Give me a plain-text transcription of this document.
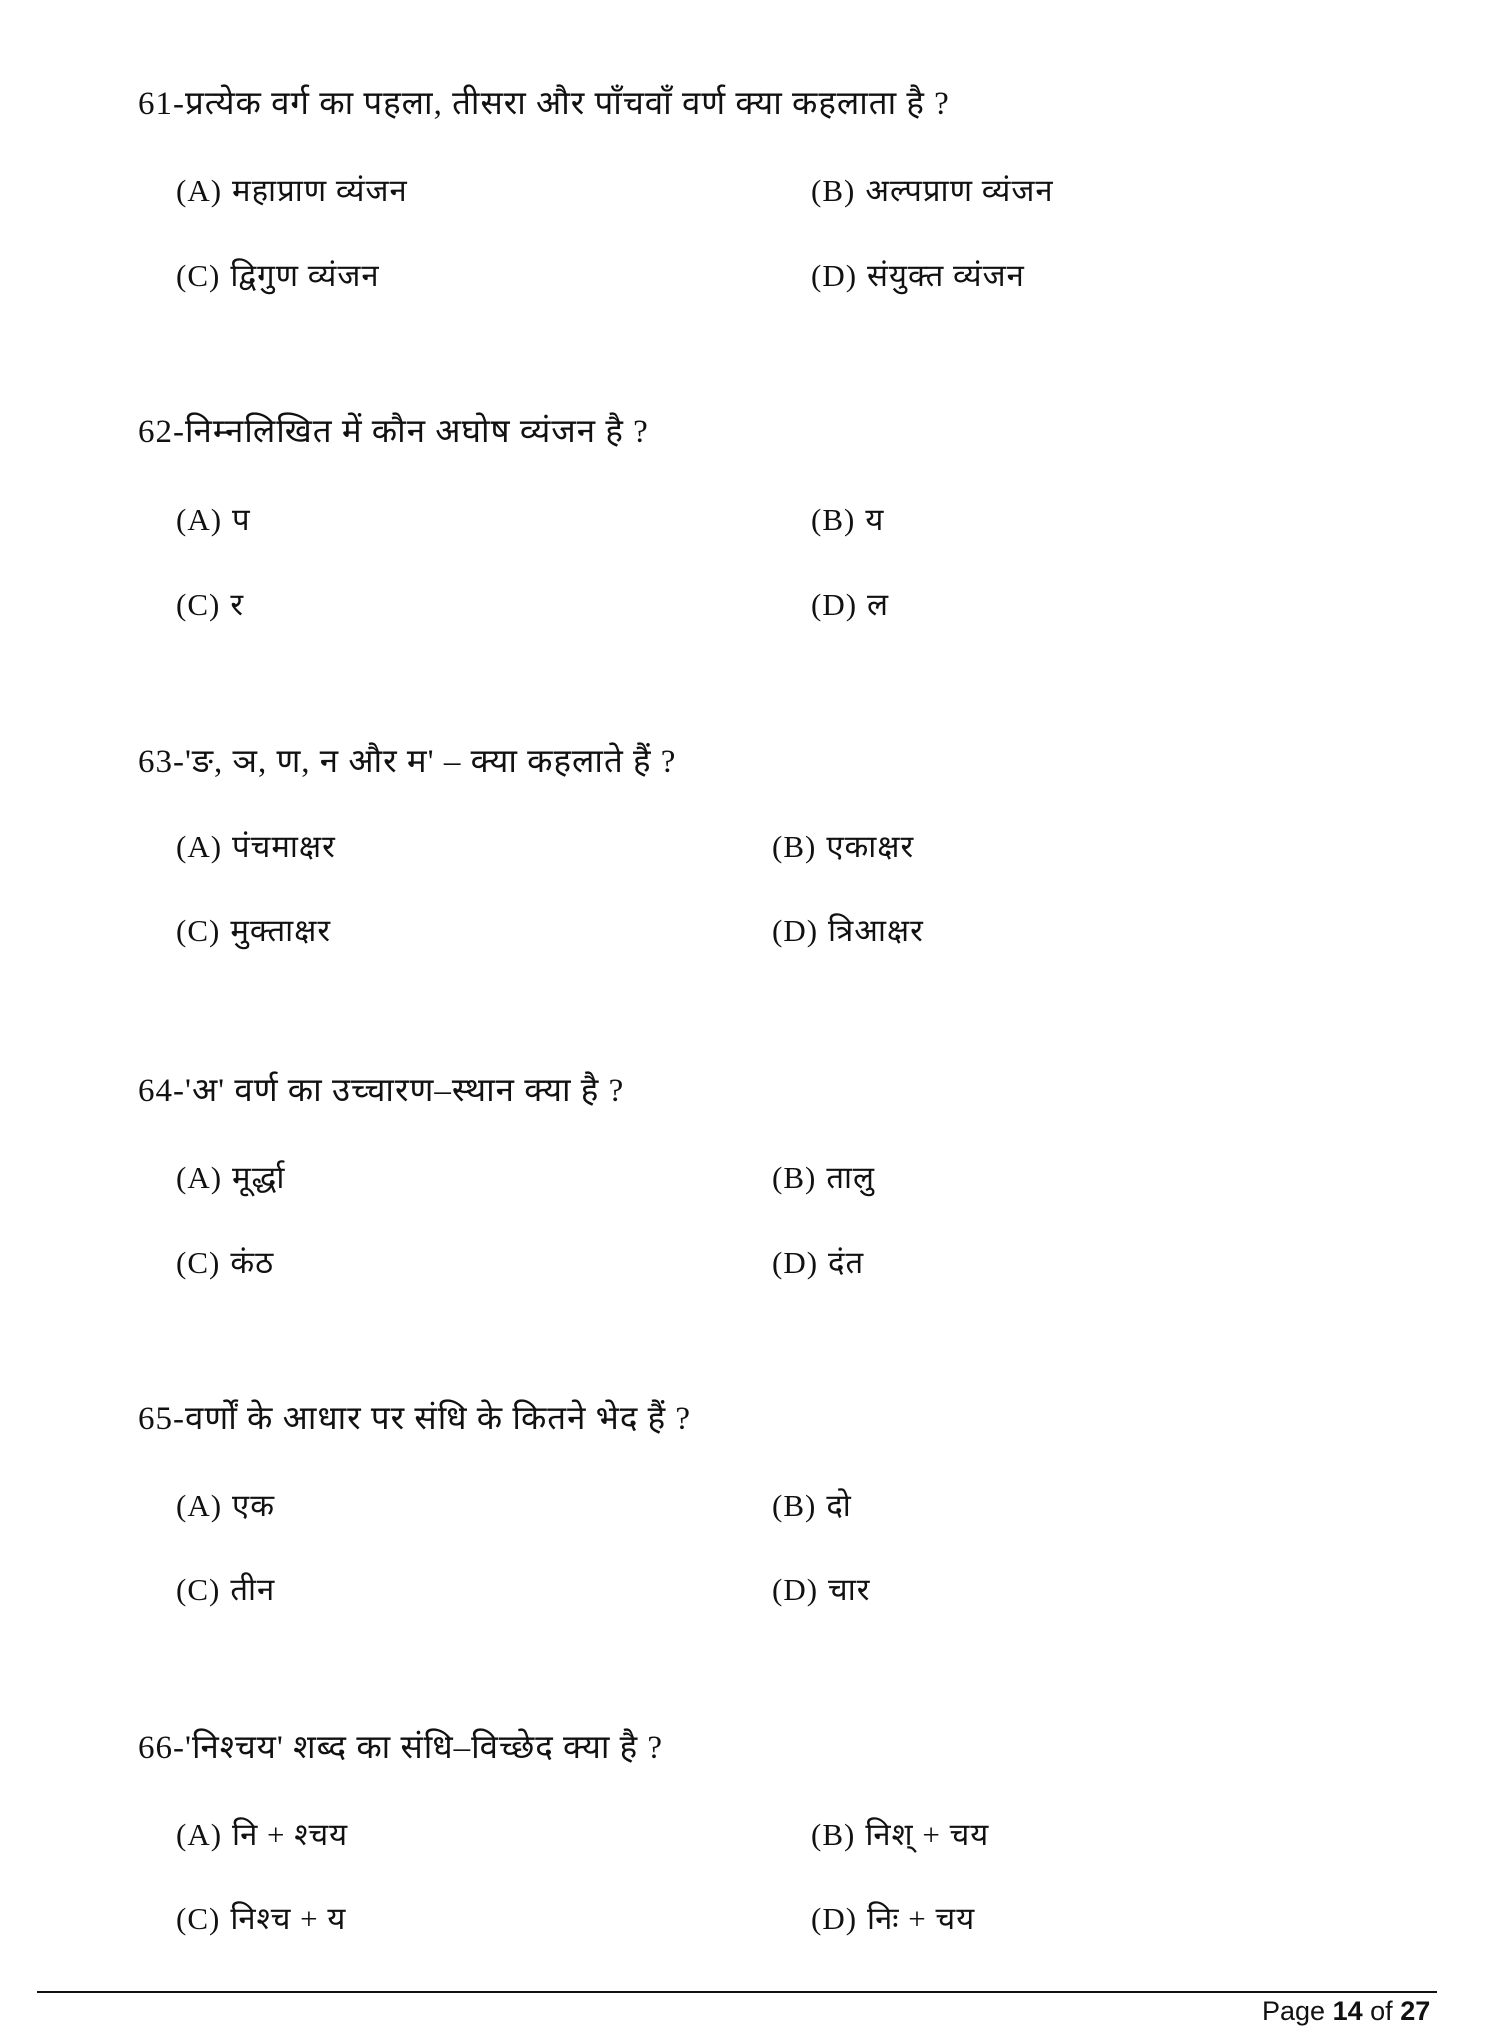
61-प्रत्येक वर्ग का पहला, तीसरा और पाँचवाँ वर्ण क्या कहलाता है ?
(A) महाप्राण व्यंजन	(B) अल्पप्राण व्यंजन
(C) द्विगुण व्यंजन	(D) संयुक्त व्यंजन
62-निम्नलिखित में कौन अघोष व्यंजन है ?
(A) प	(B) य
(C) र	(D) ल
63-'ङ, ञ, ण, न और म' – क्या कहलाते हैं ?
(A) पंचमाक्षर	(B) एकाक्षर
(C) मुक्ताक्षर	(D) त्रिआक्षर
64-'अ' वर्ण का उच्चारण–स्थान क्या है ?
(A) मूर्द्धा	(B) तालु
(C) कंठ	(D) दंत
65-वर्णों के आधार पर संधि के कितने भेद हैं ?
(A) एक	(B) दो
(C) तीन	(D) चार
66-'निश्चय' शब्द का संधि–विच्छेद क्या है ?
(A) नि + श्चय	(B) निश् + चय
(C) निश्च + य	(D) निः + चय
Page 14 of 27
